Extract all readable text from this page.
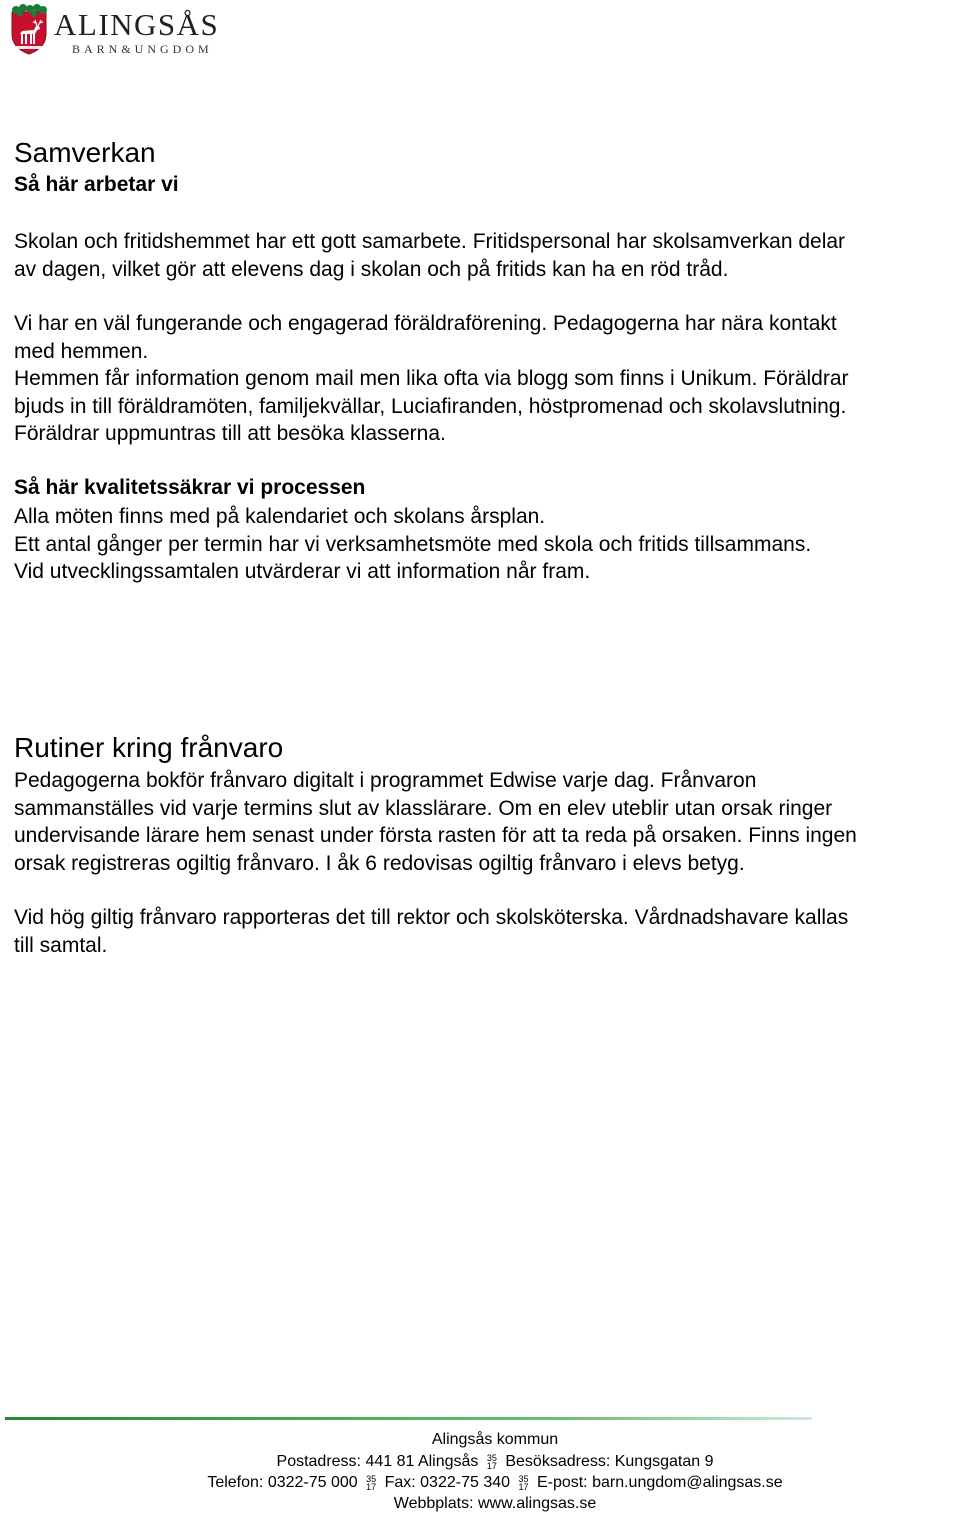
ALINGSÅS
BARN&UNGDOM
Samverkan
Så här arbetar vi

Skolan och fritidshemmet har ett gott samarbete. Fritidspersonal har skolsamverkan delar

av dagen, vilket gör att elevens dag i skolan och på fritids kan ha en röd tråd.

Vi har en väl fungerande och engagerad föräldraförening. Pedagogerna har nära kontakt

med hemmen.

Hemmen får information genom mail men lika ofta via blogg som finns i Unikum. Föräldrar

bjuds in till föräldramöten, familjekvällar, Luciafiranden, höstpromenad och skolavslutning.

Föräldrar uppmuntras till att besöka klasserna.

Så här kvalitetssäkrar vi processen

Alla möten finns med på kalendariet och skolans årsplan.

Ett antal gånger per termin har vi verksamhetsmöte med skola och fritids tillsammans.

Vid utvecklingssamtalen utvärderar vi att information når fram.

Rutiner kring frånvaro

Pedagogerna bokför frånvaro digitalt i programmet Edwise varje dag. Frånvaron

sammanställes vid varje termins slut av klasslärare. Om en elev uteblir utan orsak ringer

undervisande lärare hem senast under första rasten för att ta reda på orsaken. Finns ingen

orsak registreras ogiltig frånvaro. I åk 6 redovisas ogiltig frånvaro i elevs betyg.

Vid hög giltig frånvaro rapporteras det till rektor och skolsköterska. Vårdnadshavare kallas

till samtal.

Alingsås kommun
Postadress: 441 81 Alingsås 35
17 Besöksadress: Kungsgatan 9
Telefon: 0322-75 000 35
17 Fax: 0322-75 340 35
17 E-post: barn.ungdom@alingsas.se
Webbplats: www.alingsas.se
